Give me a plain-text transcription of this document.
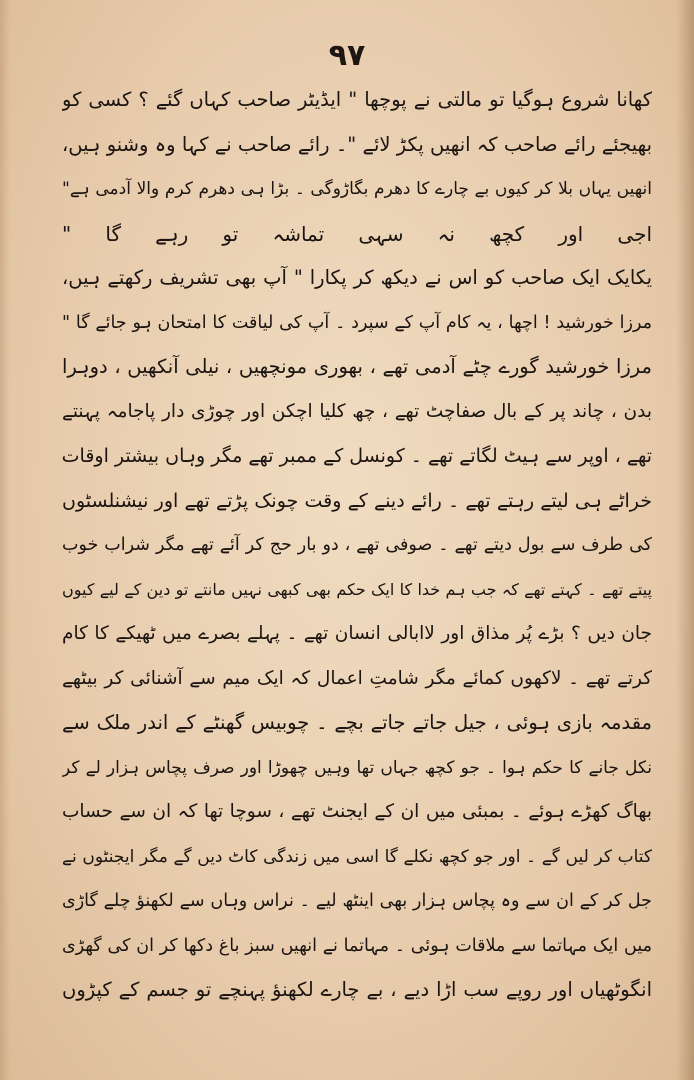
۹۷
کھانا شروع ہوگیا تو مالتی نے پوچھا " ایڈیٹر صاحب کہاں گئے ؟ کسی کو
بھیجئے رائے صاحب کہ انھیں پکڑ لائے "۔ رائے صاحب نے کہا وہ وشنو ہیں،
انھیں یہاں بلا کر کیوں بے چارے کا دھرم بگاڑوگی ۔ بڑا ہی دھرم کرم والا آدمی ہے"
اجی اور کچھ نہ سہی تماشہ تو رہے گا "
یکایک ایک صاحب کو اس نے دیکھ کر پکارا " آپ بھی تشریف رکھتے ہیں،
مرزا خورشید ! اچھا ، یہ کام آپ کے سپرد ۔ آپ کی لیاقت کا امتحان ہو جائے گا "
مرزا خورشید گورے چٹے آدمی تھے ، بھوری مونچھیں ، نیلی آنکھیں ، دوہرا
بدن ، چاند پر کے بال صفاچٹ تھے ، چھ کلیا اچکن اور چوڑی دار پاجامہ پہنتے
تھے ، اوپر سے ہیٹ لگاتے تھے ۔ کونسل کے ممبر تھے مگر وہاں بیشتر اوقات
خراٹے ہی لیتے رہتے تھے ۔ رائے دینے کے وقت چونک پڑتے تھے اور نیشنلسٹوں
کی طرف سے بول دیتے تھے ۔ صوفی تھے ، دو بار حج کر آئے تھے مگر شراب خوب
پیتے تھے ۔ کہتے تھے کہ جب ہم خدا کا ایک حکم بھی کبھی نہیں مانتے تو دین کے لیے کیوں
جان دیں ؟ بڑے پُر مذاق اور لاابالی انسان تھے ۔ پہلے بصرے میں ٹھیکے کا کام
کرتے تھے ۔ لاکھوں کمائے مگر شامتِ اعمال کہ ایک میم سے آشنائی کر بیٹھے
مقدمہ بازی ہوئی ، جیل جاتے جاتے بچے ۔ چوبیس گھنٹے کے اندر ملک سے
نکل جانے کا حکم ہوا ۔ جو کچھ جہاں تھا وہیں چھوڑا اور صرف پچاس ہزار لے کر
بھاگ کھڑے ہوئے ۔ بمبئی میں ان کے ایجنٹ تھے ، سوچا تھا کہ ان سے حساب
کتاب کر لیں گے ۔ اور جو کچھ نکلے گا اسی میں زندگی کاٹ دیں گے مگر ایجنٹوں نے
جل کر کے ان سے وہ پچاس ہزار بھی اینٹھ لیے ۔ نراس وہاں سے لکھنؤ چلے گاڑی
میں ایک مہاتما سے ملاقات ہوئی ۔ مہاتما نے انھیں سبز باغ دکھا کر ان کی گھڑی
انگوٹھیاں اور روپے سب اڑا دیے ، بے چارے لکھنؤ پہنچے تو جسم کے کپڑوں
